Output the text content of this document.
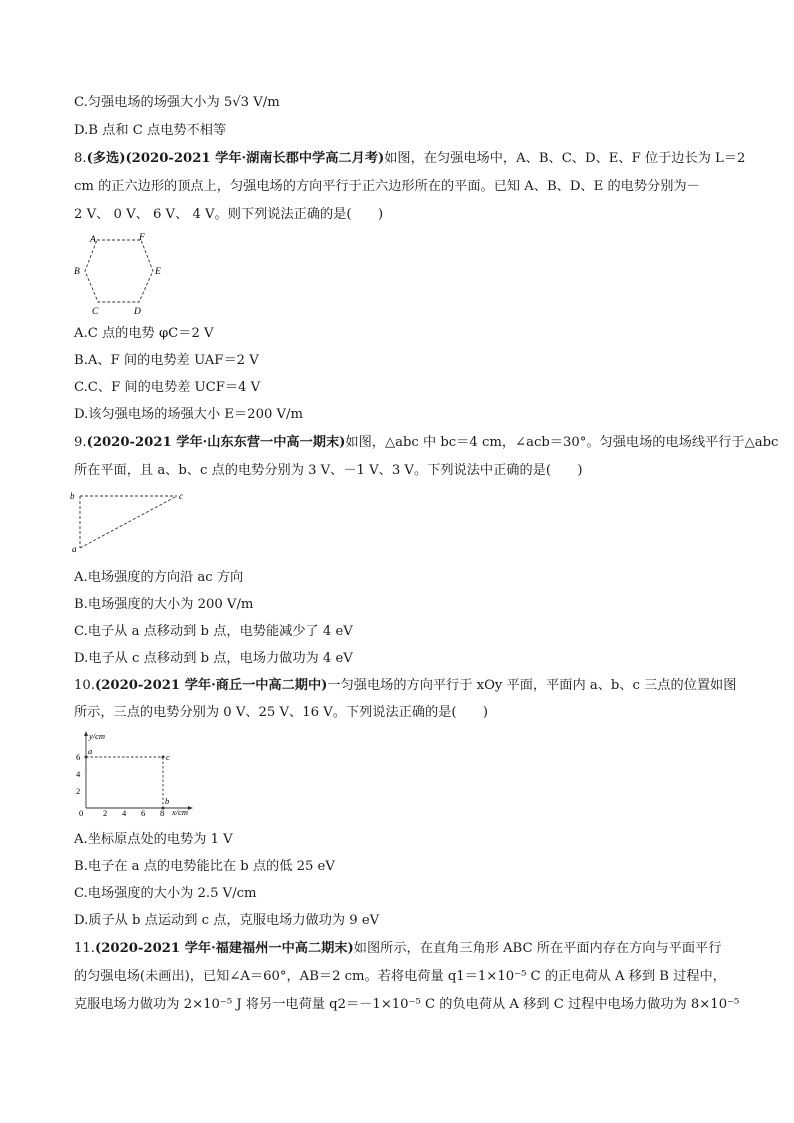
C.匀强电场的场强大小为 5√3 V/m
D.B 点和 C 点电势不相等
8.(多选)(2020-2021 学年·湖南长郡中学高二月考)如图，在匀强电场中，A、B、C、D、E、F 位于边长为 L＝2
cm 的正六边形的顶点上，匀强电场的方向平行于正六边形所在的平面。已知 A、B、D、E 的电势分别为－
2 V、 0 V、 6 V、 4 V。则下列说法正确的是(　　)
A	F
B	E
C	D
A.C 点的电势 φC＝2 V
B.A、F 间的电势差 UAF＝2 V
C.C、F 间的电势差 UCF＝4 V
D.该匀强电场的场强大小 E＝200 V/m
9.(2020-2021 学年·山东东营一中高一期末)如图，△abc 中 bc＝4 cm，∠acb＝30°。匀强电场的电场线平行于△abc
所在平面，且 a、b、c 点的电势分别为 3 V、－1 V、3 V。下列说法中正确的是(　　)
b	c
a
A.电场强度的方向沿 ac 方向
B.电场强度的大小为 200 V/m
C.电子从 a 点移动到 b 点，电势能减少了 4 eV
D.电子从 c 点移动到 b 点，电场力做功为 4 eV
10.(2020-2021 学年·商丘一中高二期中)一匀强电场的方向平行于 xOy 平面，平面内 a、b、c 三点的位置如图
所示，三点的电势分别为 0 V、25 V、16 V。下列说法正确的是(　　)
y/cm
x/cm
a
c
b
6
4
2
0 2 4 6 8
A.坐标原点处的电势为 1 V
B.电子在 a 点的电势能比在 b 点的低 25 eV
C.电场强度的大小为 2.5 V/cm
D.质子从 b 点运动到 c 点，克服电场力做功为 9 eV
11.(2020-2021 学年·福建福州一中高二期末)如图所示，在直角三角形 ABC 所在平面内存在方向与平面平行
的匀强电场(未画出)，已知∠A＝60°，AB＝2 cm。若将电荷量 q1＝1×10⁻⁵ C 的正电荷从 A 移到 B 过程中，
克服电场力做功为 2×10⁻⁵ J 将另一电荷量 q2＝－1×10⁻⁵ C 的负电荷从 A 移到 C 过程中电场力做功为 8×10⁻⁵
